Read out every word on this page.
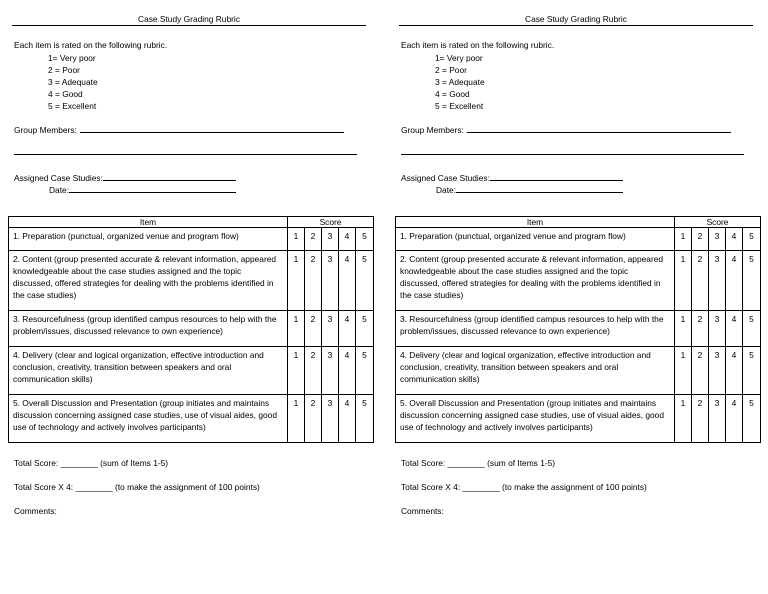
Case Study Grading Rubric
Each item is rated on the following rubric.
1= Very poor
2 = Poor
3 = Adequate
4 = Good
5 = Excellent
Group Members:
Assigned Case Studies:
Date:
Item	Score				
1. Preparation (punctual, organized venue and program flow)	1	2	3	4	5
2. Content (group presented accurate & relevant information, appeared knowledgeable about the case studies assigned and the topic discussed, offered strategies for dealing with the problems identified in the case studies)	1	2	3	4	5
3. Resourcefulness (group identified campus resources to help with the problem/issues, discussed relevance to own experience)	1	2	3	4	5
4. Delivery (clear and logical organization, effective introduction and conclusion, creativity, transition between speakers and oral communication skills)	1	2	3	4	5
5. Overall Discussion and Presentation (group initiates and maintains discussion concerning assigned case studies, use of visual aides, good use of technology and actively involves participants)	1	2	3	4	5
Total Score: ________ (sum of Items 1-5)
Total Score X 4: ________ (to make the assignment of 100 points)
Comments:
Case Study Grading Rubric
Each item is rated on the following rubric.
1= Very poor
2 = Poor
3 = Adequate
4 = Good
5 = Excellent
Group Members:
Assigned Case Studies:
Date:
Item	Score				
1. Preparation (punctual, organized venue and program flow)	1	2	3	4	5
2. Content (group presented accurate & relevant information, appeared knowledgeable about the case studies assigned and the topic discussed, offered strategies for dealing with the problems identified in the case studies)	1	2	3	4	5
3. Resourcefulness (group identified campus resources to help with the problem/issues, discussed relevance to own experience)	1	2	3	4	5
4. Delivery (clear and logical organization, effective introduction and conclusion, creativity, transition between speakers and oral communication skills)	1	2	3	4	5
5. Overall Discussion and Presentation (group initiates and maintains discussion concerning assigned case studies, use of visual aides, good use of technology and actively involves participants)	1	2	3	4	5
Total Score: ________ (sum of Items 1-5)
Total Score X 4: ________ (to make the assignment of 100 points)
Comments:
